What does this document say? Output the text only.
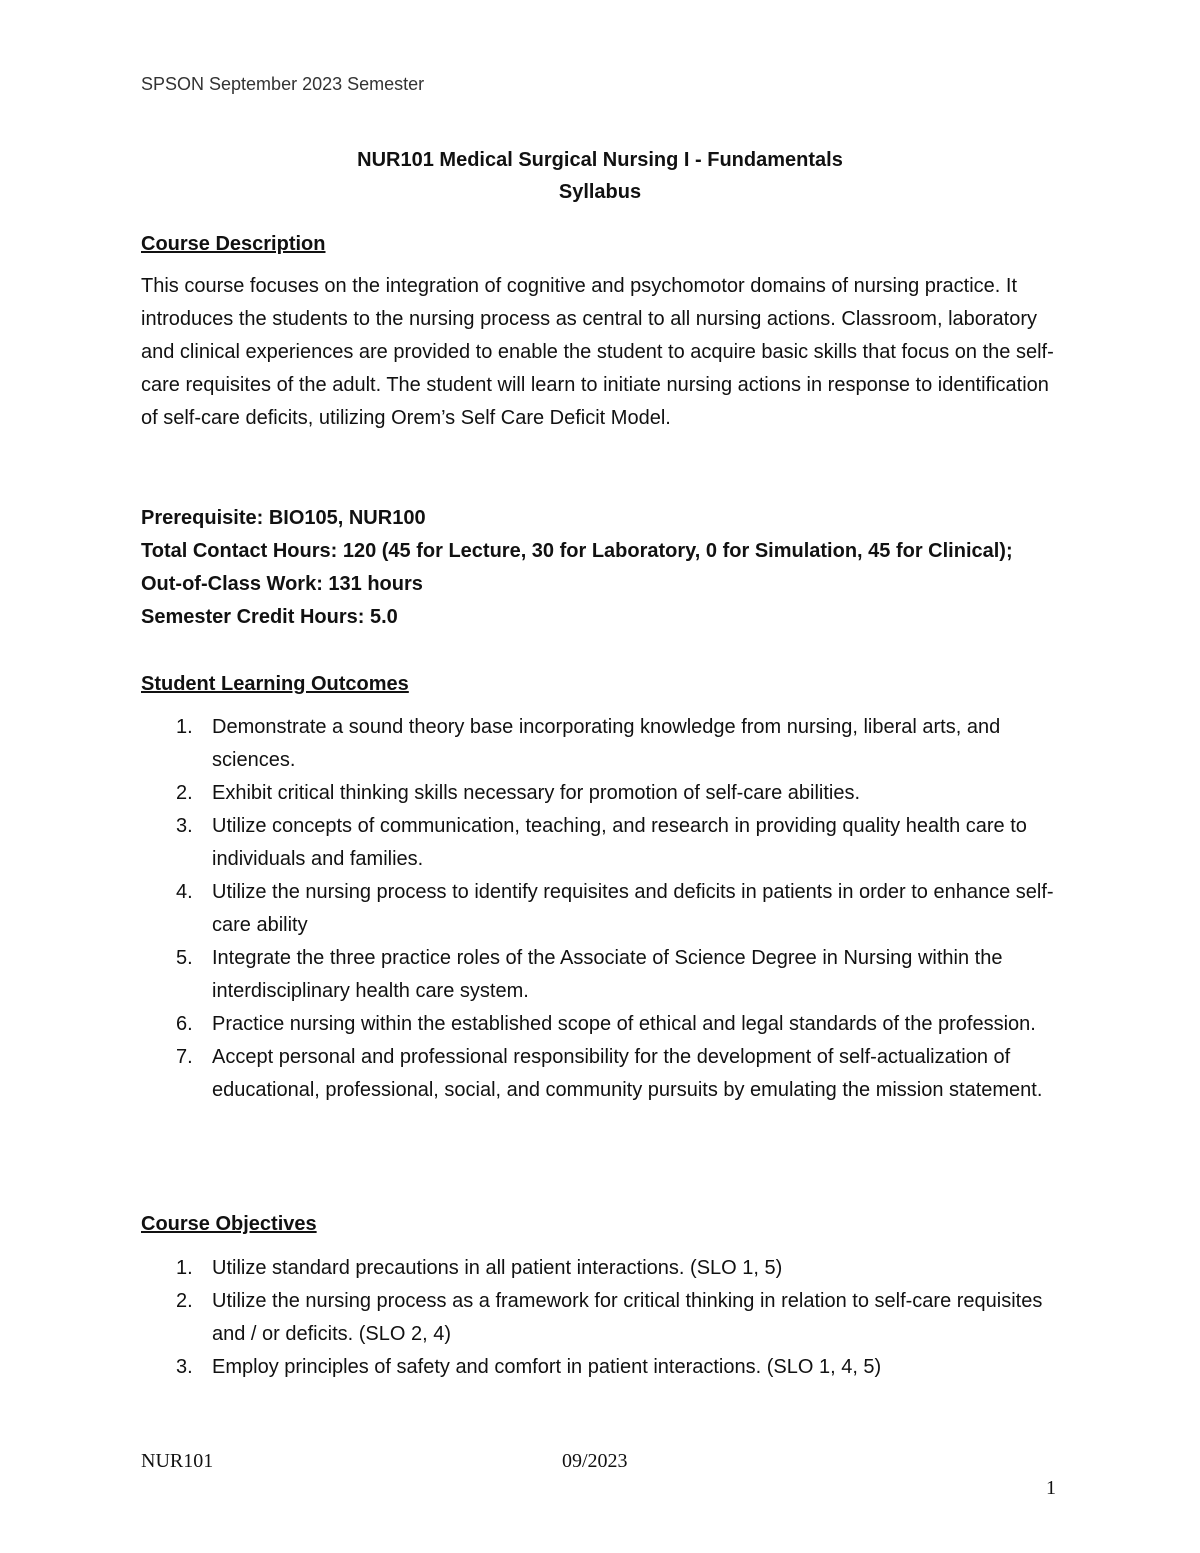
SPSON September 2023 Semester
NUR101 Medical Surgical Nursing I - Fundamentals
Syllabus

Course Description

This course focuses on the integration of cognitive and psychomotor domains of nursing practice. It introduces the students to the nursing process as central to all nursing actions. Classroom, laboratory and clinical experiences are provided to enable the student to acquire basic skills that focus on the self-care requisites of the adult. The student will learn to initiate nursing actions in response to identification of self-care deficits, utilizing Orem’s Self Care Deficit Model.

Prerequisite: BIO105, NUR100

Total Contact Hours: 120 (45 for Lecture, 30 for Laboratory, 0 for Simulation, 45 for Clinical);

Out-of-Class Work: 131 hours

Semester Credit Hours: 5.0

Student Learning Outcomes

1. Demonstrate a sound theory base incorporating knowledge from nursing, liberal arts, and sciences.
2. Exhibit critical thinking skills necessary for promotion of self-care abilities.
3. Utilize concepts of communication, teaching, and research in providing quality health care to individuals and families.
4. Utilize the nursing process to identify requisites and deficits in patients in order to enhance self-care ability
5. Integrate the three practice roles of the Associate of Science Degree in Nursing within the interdisciplinary health care system.
6. Practice nursing within the established scope of ethical and legal standards of the profession.
7. Accept personal and professional responsibility for the development of self-actualization of educational, professional, social, and community pursuits by emulating the mission statement.

Course Objectives

1. Utilize standard precautions in all patient interactions. (SLO 1, 5)
2. Utilize the nursing process as a framework for critical thinking in relation to self-care requisites and / or deficits. (SLO 2, 4)
3. Employ principles of safety and comfort in patient interactions. (SLO 1, 4, 5)
NUR101	09/2023
1
